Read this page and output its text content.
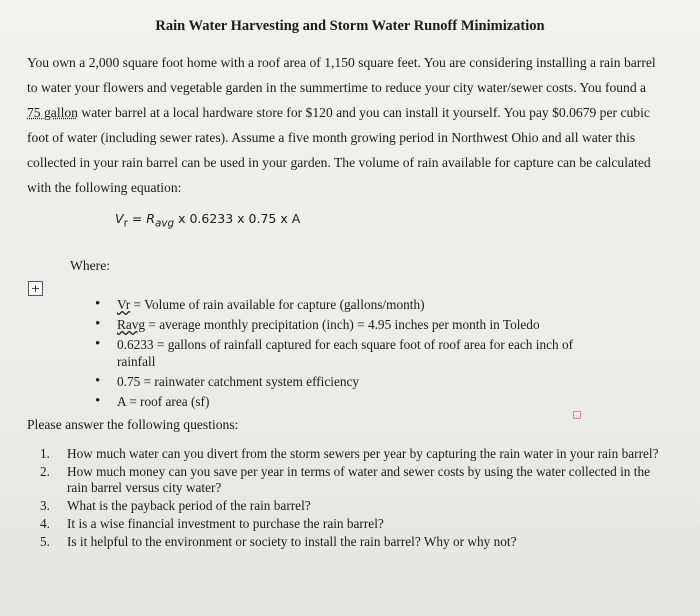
Rain Water Harvesting and Storm Water Runoff Minimization
You own a 2,000 square foot home with a roof area of 1,150 square feet. You are considering installing a rain barrel to water your flowers and vegetable garden in the summertime to reduce your city water/sewer costs. You found a 75 gallon water barrel at a local hardware store for $120 and you can install it yourself. You pay $0.0679 per cubic foot of water (including sewer rates). Assume a five month growing period in Northwest Ohio and all water this collected in your rain barrel can be used in your garden. The volume of rain available for capture can be calculated with the following equation:
$V_r = R_{avg}$ x 0.6233 x 0.75 x A
Where:
+
• Vr = Volume of rain available for capture (gallons/month)
• Ravg = average monthly precipitation (inch) = 4.95 inches per month in Toledo
• 0.6233 = gallons of rainfall captured for each square foot of roof area for each inch of rainfall
• 0.75 = rainwater catchment system efficiency
• A = roof area (sf)
Please answer the following questions:
1. How much water can you divert from the storm sewers per year by capturing the rain water in your rain barrel?
2. How much money can you save per year in terms of water and sewer costs by using the water collected in the rain barrel versus city water?
3. What is the payback period of the rain barrel?
4. It is a wise financial investment to purchase the rain barrel?
5. Is it helpful to the environment or society to install the rain barrel? Why or why not?
